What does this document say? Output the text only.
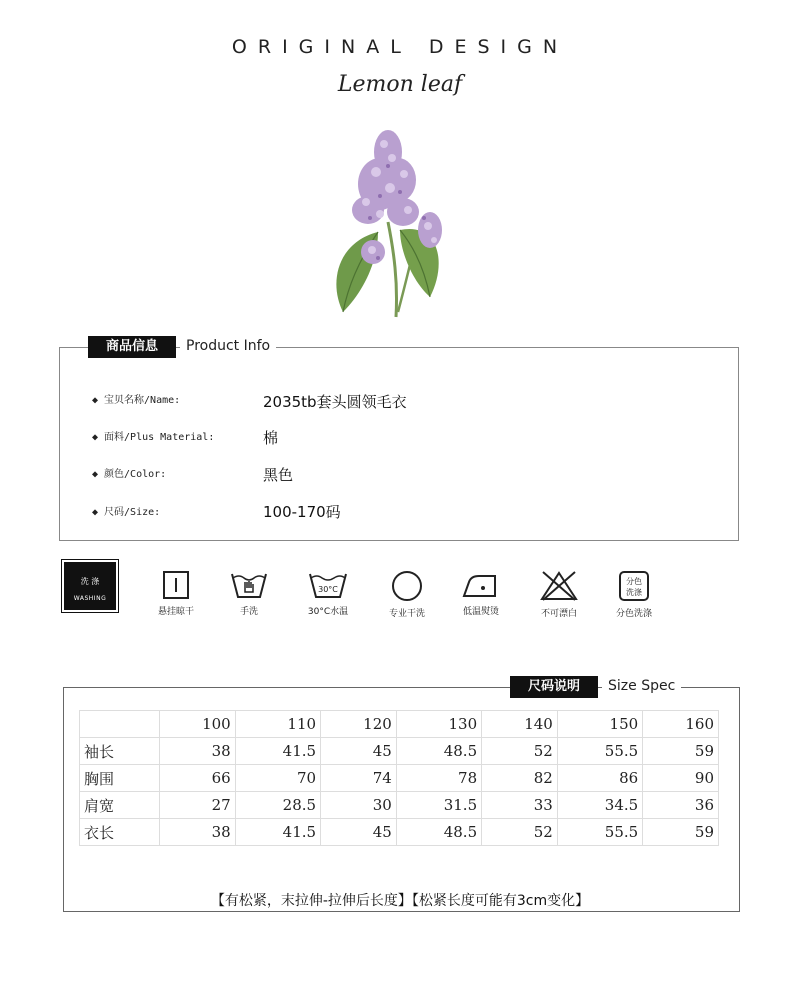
ORIGINAL DESIGN
Lemon leaf
商品信息	Product Info
◆ 宝贝名称/Name:	2035tb套头圆领毛衣
◆ 面料/Plus Material:	棉
◆ 颜色/Color:	黑色
◆ 尺码/Size:	100-170码
洗 涤
WASHING
悬挂晾干	手洗
30°C
30°C水温	专业干洗	低温熨烫	不可漂白
分色
洗涤
分色洗涤
尺码说明	Size Spec
	100	110	120	130	140	150	160
袖长	38	41.5	45	48.5	52	55.5	59
胸围	66	70	74	78	82	86	90
肩宽	27	28.5	30	31.5	33	34.5	36
衣长	38	41.5	45	48.5	52	55.5	59
【有松紧，末拉伸-拉伸后长度】【松紧长度可能有3cm变化】
